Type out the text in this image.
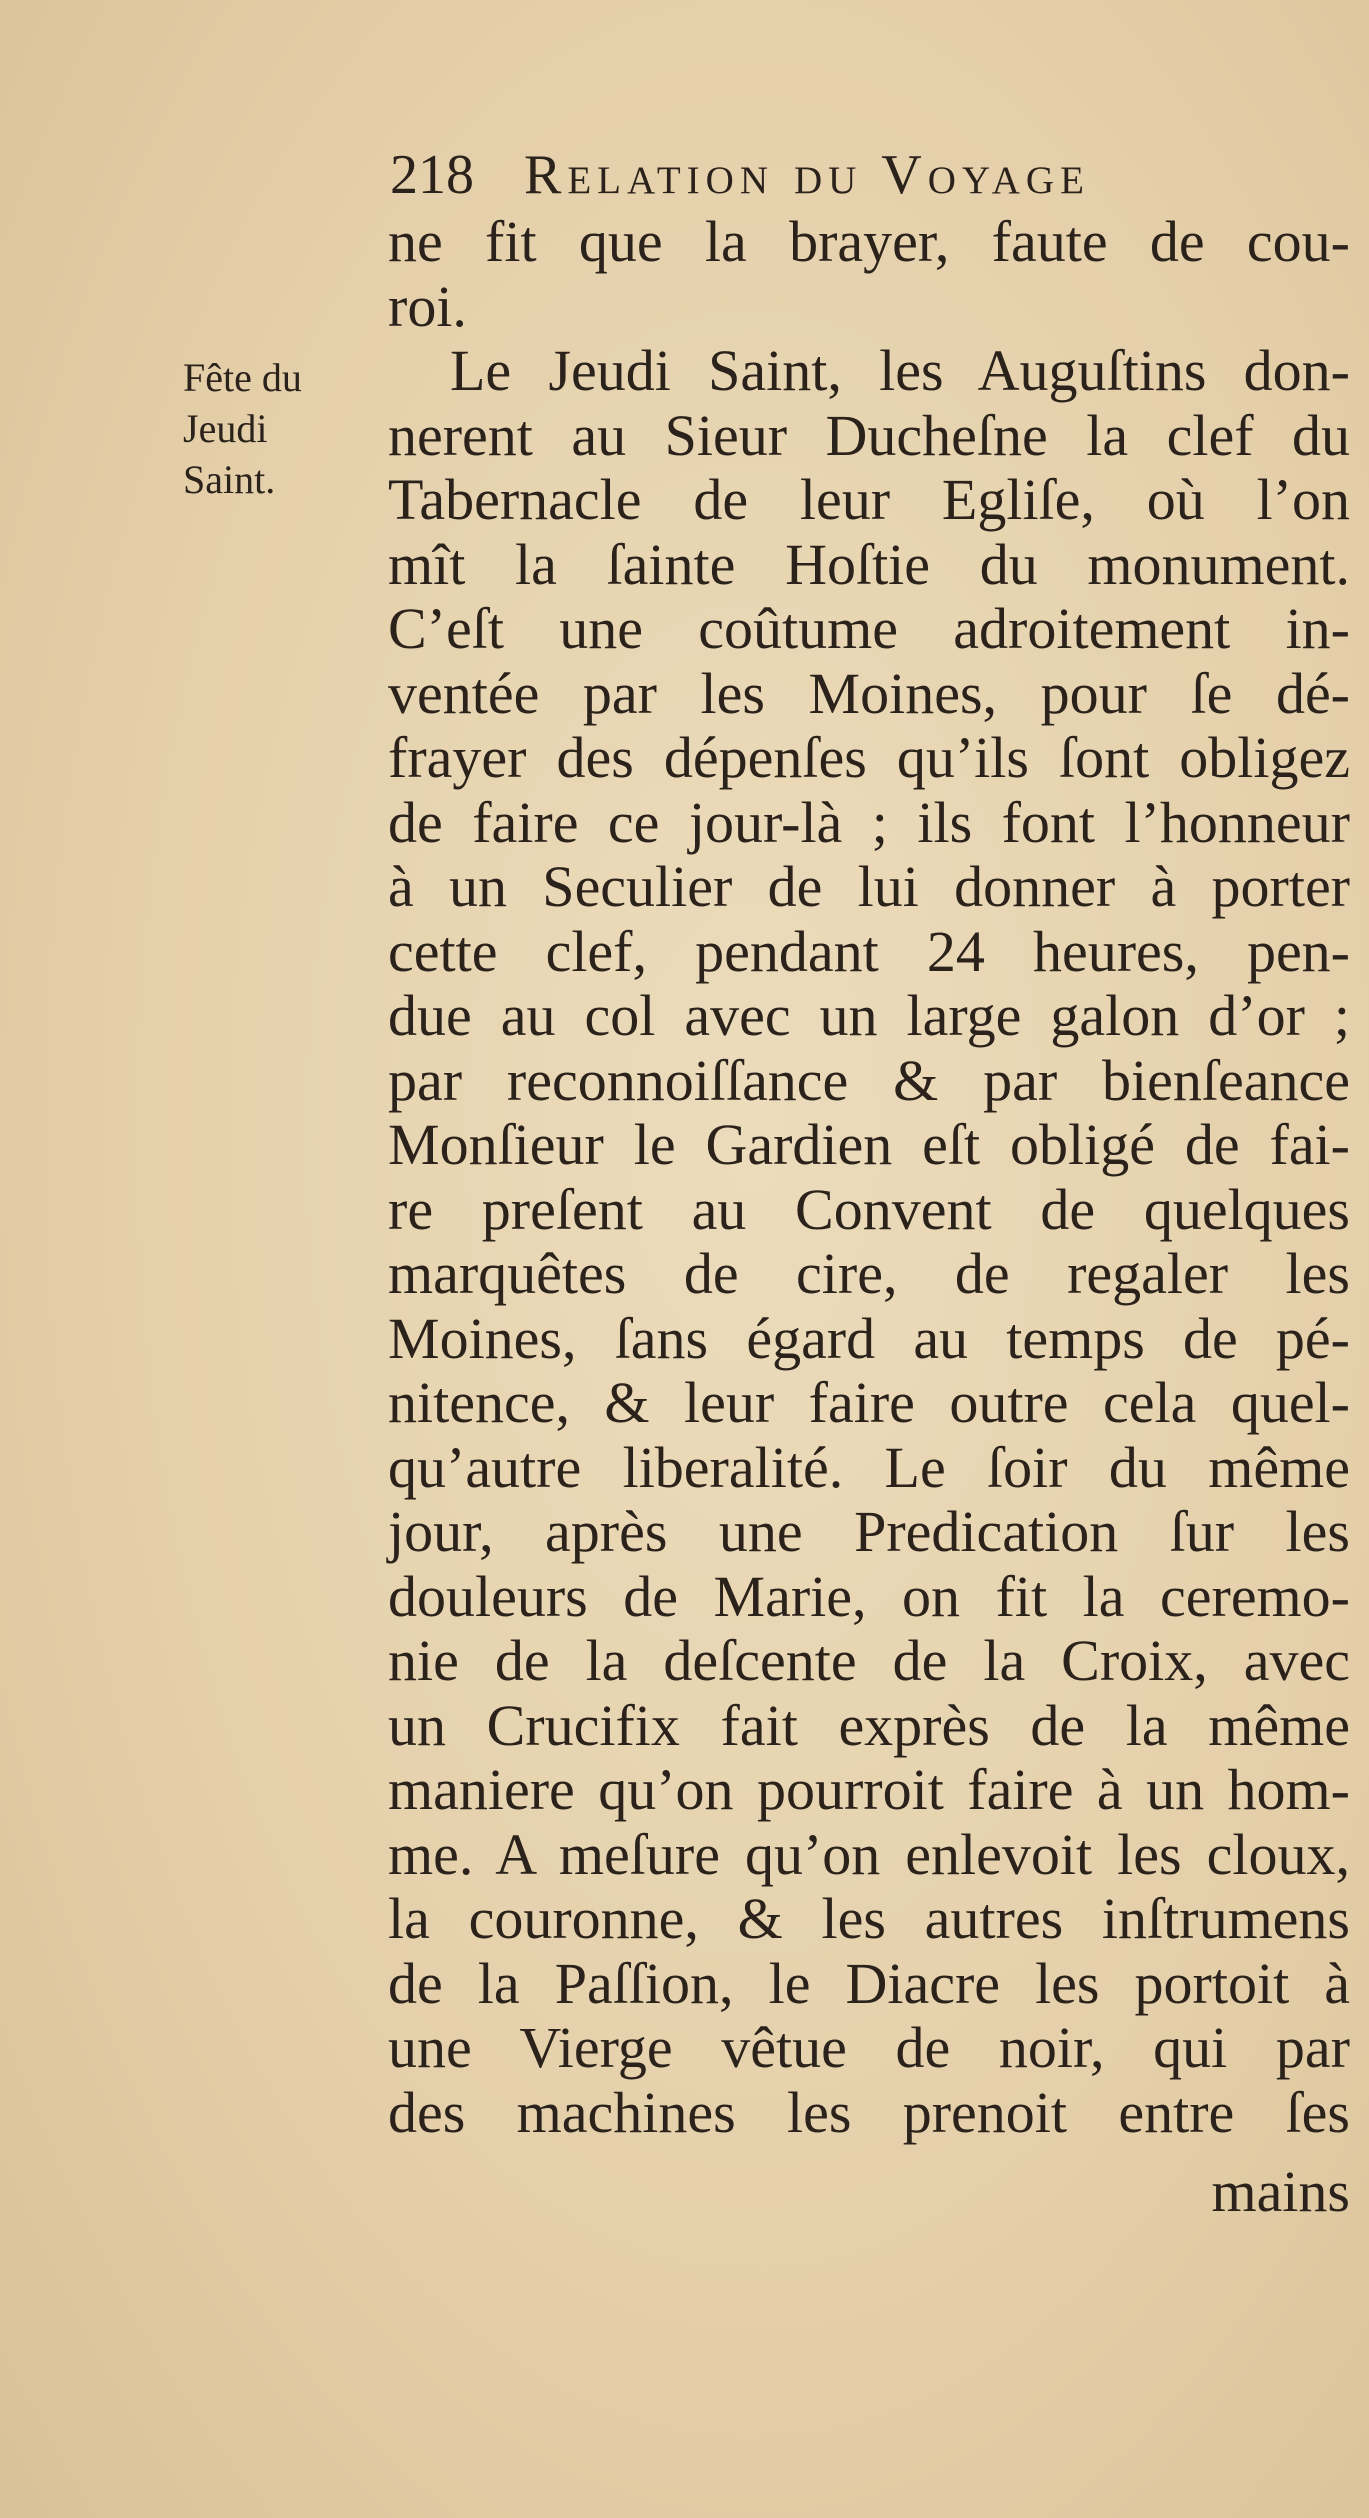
218 Relation du Voyage
Fête du
Jeudi
Saint.
ne fit que la brayer, faute de cou-
roi.
Le Jeudi Saint, les Auguſtins don-
nerent au Sieur Ducheſne la clef du
Tabernacle de leur Egliſe, où l’on
mît la ſainte Hoſtie du monument.
C’eſt une coûtume adroitement in-
ventée par les Moines, pour ſe dé-
frayer des dépenſes qu’ils ſont obligez
de faire ce jour-là ; ils font l’honneur
à un Seculier de lui donner à porter
cette clef, pendant 24 heures, pen-
due au col avec un large galon d’or ;
par reconnoiſſance & par bienſeance
Monſieur le Gardien eſt obligé de fai-
re preſent au Convent de quelques
marquêtes de cire, de regaler les
Moines, ſans égard au temps de pé-
nitence, & leur faire outre cela quel-
qu’autre liberalité. Le ſoir du même
jour, après une Predication ſur les
douleurs de Marie, on fit la ceremo-
nie de la deſcente de la Croix, avec
un Crucifix fait exprès de la même
maniere qu’on pourroit faire à un hom-
me. A meſure qu’on enlevoit les cloux,
la couronne, & les autres inſtrumens
de la Paſſion, le Diacre les portoit à
une Vierge vêtue de noir, qui par
des machines les prenoit entre ſes
mains
